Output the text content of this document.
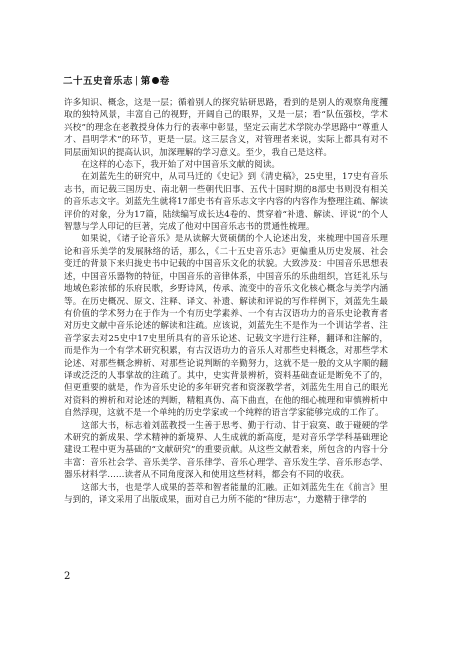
二十五史音乐志 | 第 卷

许多知识、概念，这是一层；循着别人的探究钻研思路，看到的是别人的观察角度攫取的独特风景，丰富自己的视野，开阔自己的眼界，又是一层；看“队伍强校，学术兴校”的理念在老教授身体力行的表率中彰显，坚定云南艺术学院办学思路中“尊重人才、昌明学术”的环节，更是一层。这三层含义，对管理者来说，实际上都具有对不同层面知识的提高认识，加深理解的学习意义。至少，我自己是这样。

在这样的心态下，我开始了对中国音乐文献的阅读。

在刘蓝先生的研究中，从司马迁的《史记》到《清史稿》，25史里，17史有音乐志书，而记载三国历史、南北朝一些朝代旧事、五代十国时期的8部史书则没有相关的音乐志文字。刘蓝先生就将17部史书有音乐志文字内容的内容作为整理注疏、解读评价的对象，分为17篇，陆续编写成长达4卷的、贯穿着“补遗、解读、评说”的个人智慧与学人印记的巨著，完成了他对中国音乐志书的贯通性梳理。

如果说，《诸子论音乐》是从读解大贤硕儒的个人论述出发，来梳理中国音乐理论和音乐美学的发展脉络的话，那么，《二十五史音乐志》更偏重从历史发展、社会变迁的背景下来归拢史书中记载的中国音乐文化的状貌。大致涉及：中国音乐思想表述，中国音乐器物的特征，中国音乐的音律体系，中国音乐的乐曲组织，宫廷礼乐与地域色彩浓郁的乐府民歌，乡野诗风，传承、流变中的音乐文化核心概念与美学内涵等。在历史概况、原文、注释、译文、补遗、解读和评说的写作样例下，刘蓝先生最有价值的学术努力在于作为一个有历史学素养、一个有古汉语功力的音乐史论教育者对历史文献中音乐论述的解读和注疏。应该说，刘蓝先生不是作为一个训诂学者、注音学家去对25史中17史里所具有的音乐论述、记载文字进行注释，翻译和注解的，而是作为一个有学术研究积累，有古汉语功力的音乐人对那些史料概念，对那些学术论述、对那些概念辨析、对那些论说判断的辛勤努力，这就不是一般的文从字顺的翻译或泛泛的人事掌故的注疏了。其中，史实背景辨析，资料基础查证是断免不了的，但更重要的就是，作为音乐史论的多年研究者和资深教学者，刘蓝先生用自己的眼光对资料的辨析和对论述的判断，精粗真伪、高下曲直，在他的细心梳理和审慎辨析中自然浮现，这就不是一个单纯的历史学家或一个纯粹的语言学家能够完成的工作了。

这部大书，标志着刘蓝教授一生善于思考、勤于行动、甘于寂寞、敢于碰硬的学术研究的新成果、学术精神的新境界、人生成就的新高度，是对音乐学学科基础理论建设工程中更为基础的“文献研究”的重要贡献。从这些文献看来，所包含的内容十分丰富：音乐社会学、音乐美学、音乐律学、音乐心理学、音乐发生学、音乐形态学、器乐材料学……读者从不同角度深入和使用这些材料，都会有不同的收获。

这部大书，也是学人成果的荟萃和智者能量的汇融。正如刘蓝先生在《前言》里与到的，译文采用了出版成果，面对自己力所不能的“律历志”，力邀精于律学的

2
